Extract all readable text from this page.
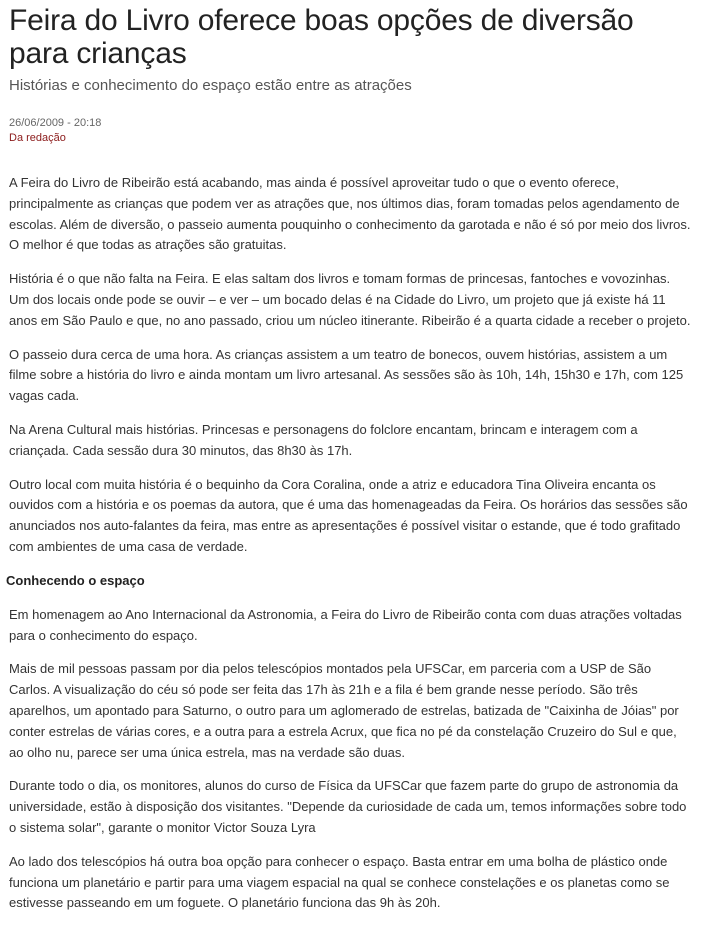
Feira do Livro oferece boas opções de diversão para crianças

Histórias e conhecimento do espaço estão entre as atrações

26/06/2009 - 20:18
Da redação

A Feira do Livro de Ribeirão está acabando, mas ainda é possível aproveitar tudo o que o evento oferece, principalmente as crianças que podem ver as atrações que, nos últimos dias, foram tomadas pelos agendamento de escolas. Além de diversão, o passeio aumenta pouquinho o conhecimento da garotada e não é só por meio dos livros. O melhor é que todas as atrações são gratuitas.

História é o que não falta na Feira. E elas saltam dos livros e tomam formas de princesas, fantoches e vovozinhas. Um dos locais onde pode se ouvir – e ver – um bocado delas é na Cidade do Livro, um projeto que já existe há 11 anos em São Paulo e que, no ano passado, criou um núcleo itinerante. Ribeirão é a quarta cidade a receber o projeto.

O passeio dura cerca de uma hora. As crianças assistem a um teatro de bonecos, ouvem histórias, assistem a um filme sobre a história do livro e ainda montam um livro artesanal. As sessões são às 10h, 14h, 15h30 e 17h, com 125 vagas cada.

Na Arena Cultural mais histórias. Princesas e personagens do folclore encantam, brincam e interagem com a criançada. Cada sessão dura 30 minutos, das 8h30 às 17h.

Outro local com muita história é o bequinho da Cora Coralina, onde a atriz e educadora Tina Oliveira encanta os ouvidos com a história e os poemas da autora, que é uma das homenageadas da Feira. Os horários das sessões são anunciados nos auto-falantes da feira, mas entre as apresentações é possível visitar o estande, que é todo grafitado com ambientes de uma casa de verdade.

Conhecendo o espaço

Em homenagem ao Ano Internacional da Astronomia, a Feira do Livro de Ribeirão conta com duas atrações voltadas para o conhecimento do espaço.

Mais de mil pessoas passam por dia pelos telescópios montados pela UFSCar, em parceria com a USP de São Carlos. A visualização do céu só pode ser feita das 17h às 21h e a fila é bem grande nesse período. São três aparelhos, um apontado para Saturno, o outro para um aglomerado de estrelas, batizada de "Caixinha de Jóias" por conter estrelas de várias cores, e a outra para a estrela Acrux, que fica no pé da constelação Cruzeiro do Sul e que, ao olho nu, parece ser uma única estrela, mas na verdade são duas.

Durante todo o dia, os monitores, alunos do curso de Física da UFSCar que fazem parte do grupo de astronomia da universidade, estão à disposição dos visitantes. "Depende da curiosidade de cada um, temos informações sobre todo o sistema solar", garante o monitor Victor Souza Lyra

Ao lado dos telescópios há outra boa opção para conhecer o espaço. Basta entrar em uma bolha de plástico onde funciona um planetário e partir para uma viagem espacial na qual se conhece constelações e os planetas como se estivesse passeando em um foguete. O planetário funciona das 9h às 20h.
